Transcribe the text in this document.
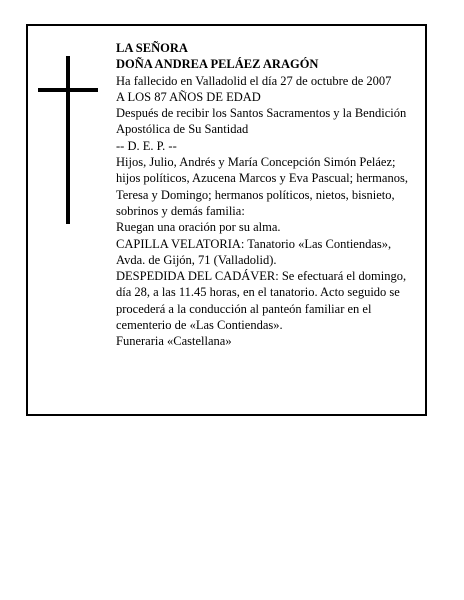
LA SEÑORA

DOÑA ANDREA PELÁEZ ARAGÓN

Ha fallecido en Valladolid el día 27 de octubre de 2007

A LOS 87 AÑOS DE EDAD

Después de recibir los Santos Sacramentos y la Bendición Apostólica de Su Santidad

-- D. E. P. --

Hijos, Julio, Andrés y María Concepción Simón Peláez; hijos políticos, Azucena Marcos y Eva Pascual; hermanos, Teresa y Domingo; hermanos políticos, nietos, bisnieto, sobrinos y demás familia:

Ruegan una oración por su alma.

CAPILLA VELATORIA: Tanatorio «Las Contiendas», Avda. de Gijón, 71 (Valladolid).

DESPEDIDA DEL CADÁVER: Se efectuará el domingo, día 28, a las 11.45 horas, en el tanatorio. Acto seguido se procederá a la conducción al panteón familiar en el cementerio de «Las Contiendas».

Funeraria «Castellana»
